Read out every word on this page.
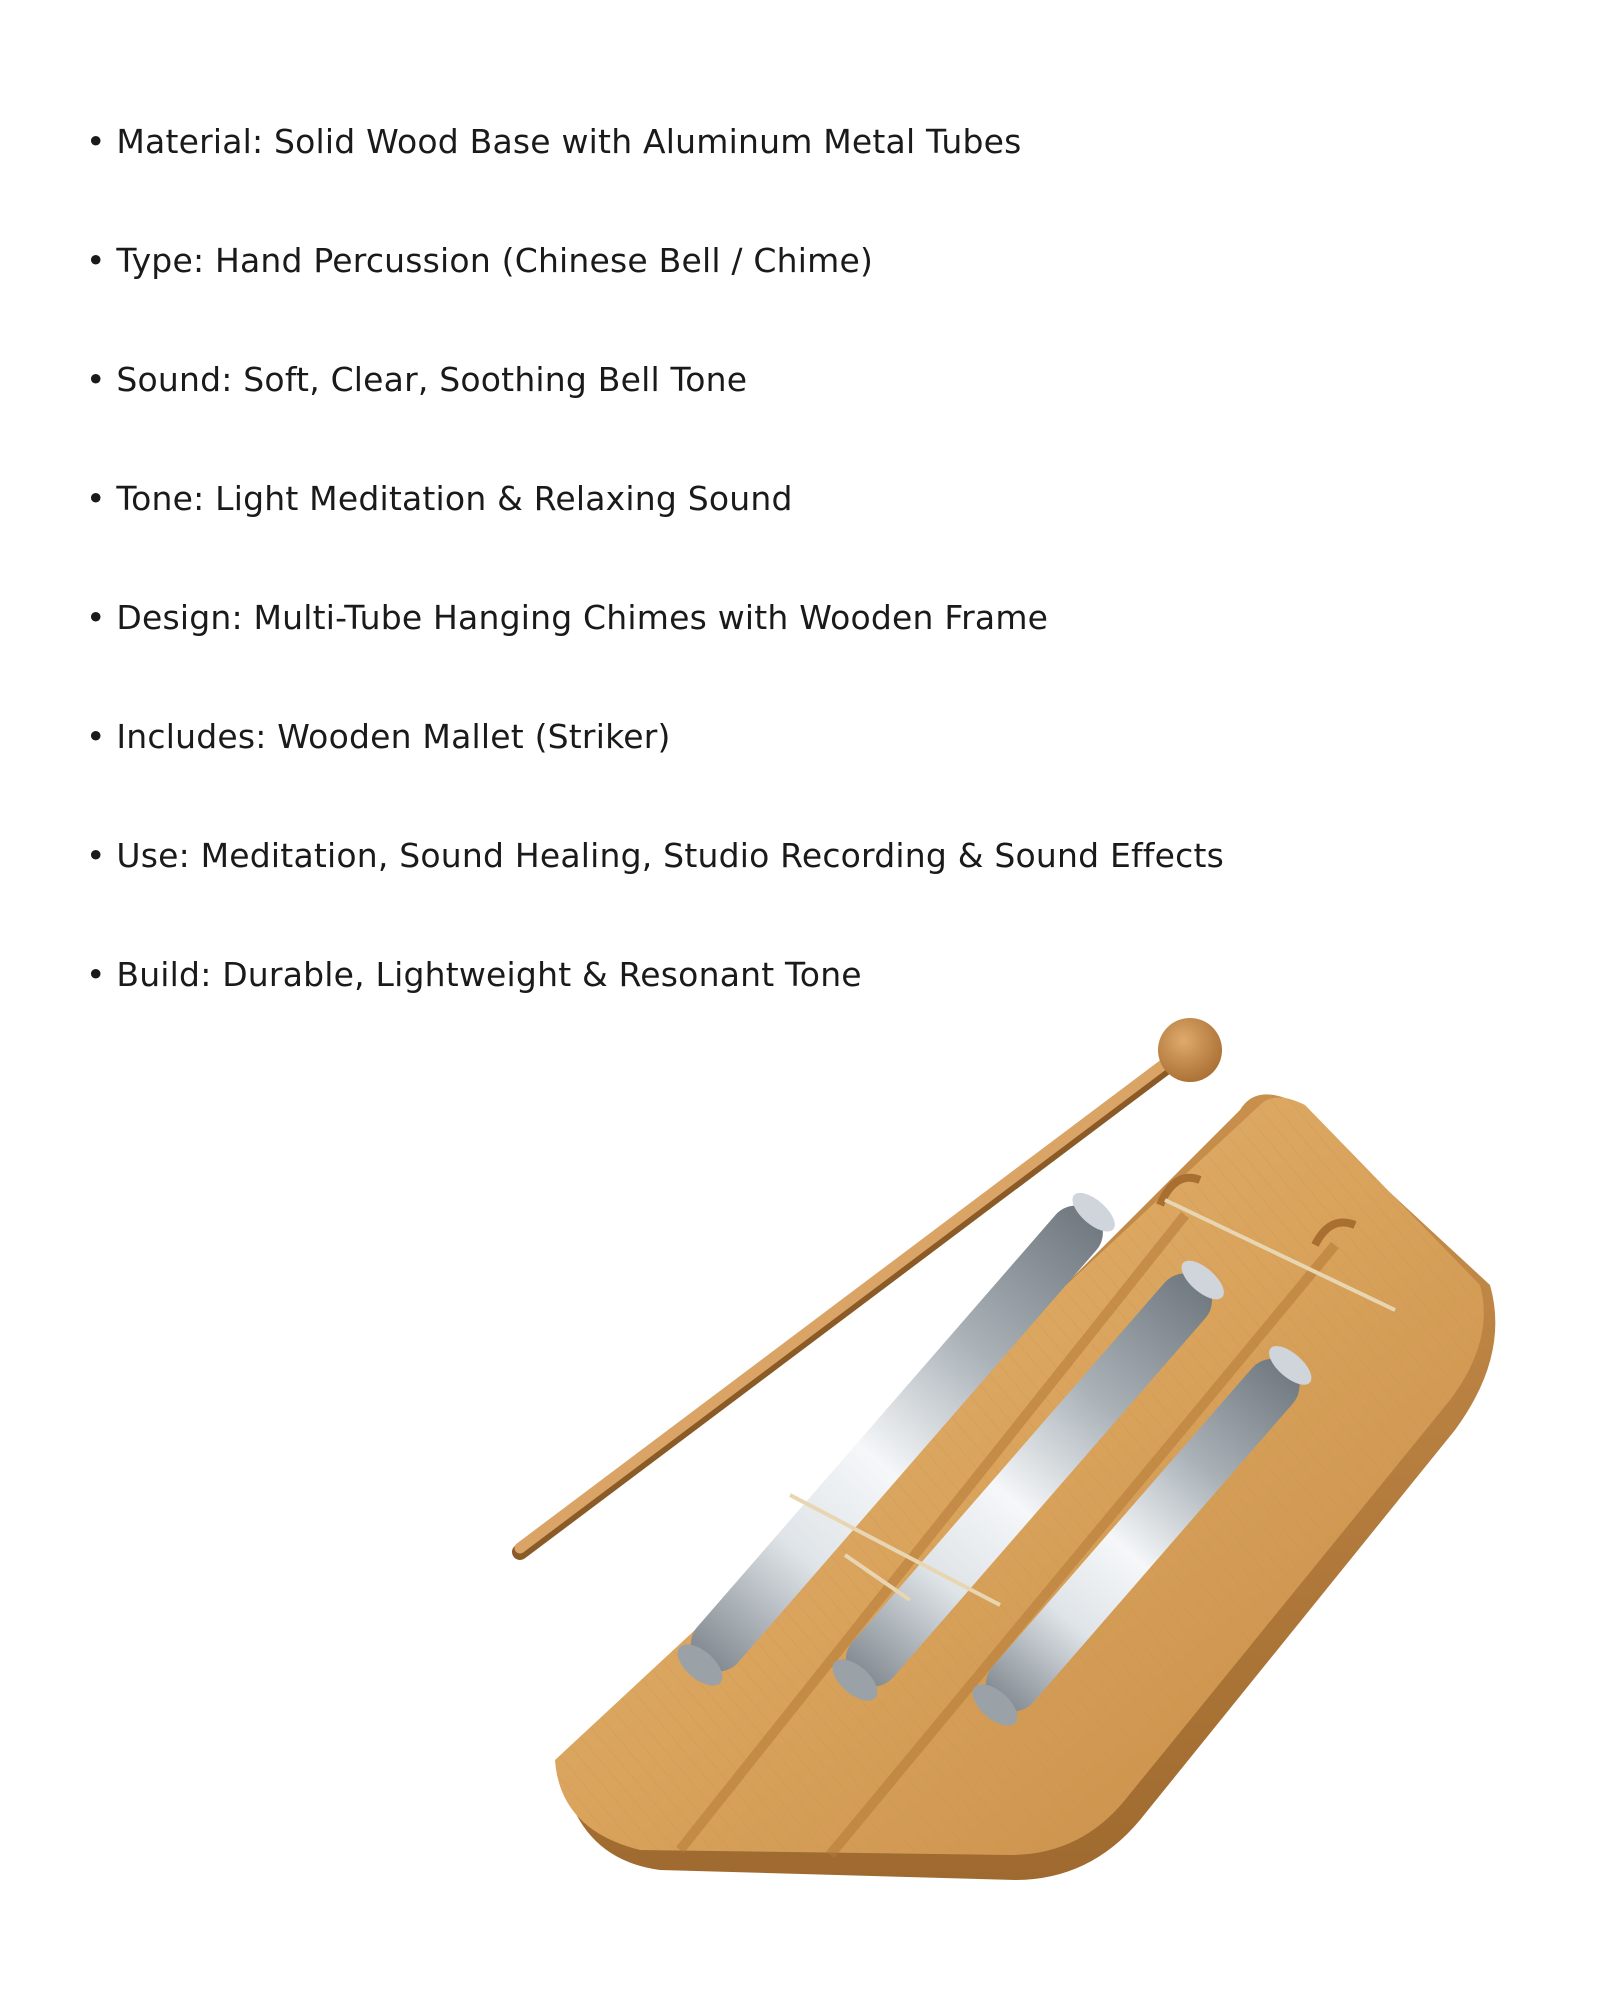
• Material: Solid Wood Base with Aluminum Metal Tubes
• Type: Hand Percussion (Chinese Bell / Chime)
• Sound: Soft, Clear, Soothing Bell Tone
• Tone: Light Meditation & Relaxing Sound
• Design: Multi-Tube Hanging Chimes with Wooden Frame
• Includes: Wooden Mallet (Striker)
• Use: Meditation, Sound Healing, Studio Recording & Sound Effects
• Build: Durable, Lightweight & Resonant Tone
